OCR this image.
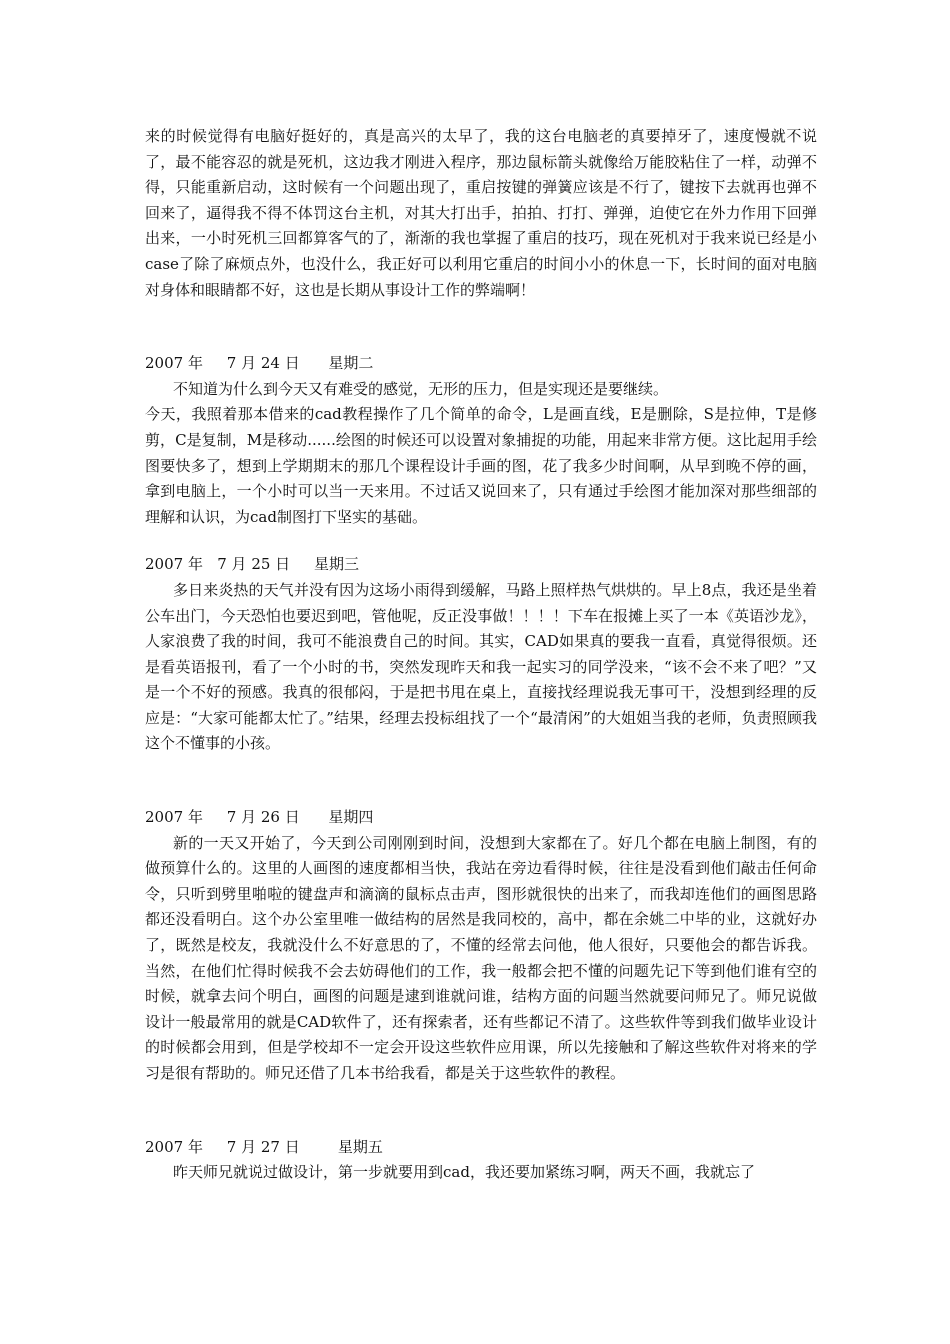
来的时候觉得有电脑好挺好的，真是高兴的太早了，我的这台电脑老的真要掉牙了，速度慢就不说了，最不能容忍的就是死机，这边我才刚进入程序，那边鼠标箭头就像给万能胶粘住了一样，动弹不得，只能重新启动，这时候有一个问题出现了，重启按键的弹簧应该是不行了，键按下去就再也弹不回来了，逼得我不得不体罚这台主机，对其大打出手，拍拍、打打、弹弹，迫使它在外力作用下回弹出来，一小时死机三回都算客气的了，渐渐的我也掌握了重启的技巧，现在死机对于我来说已经是小case了除了麻烦点外，也没什么，我正好可以利用它重启的时间小小的休息一下，长时间的面对电脑对身体和眼睛都不好，这也是长期从事设计工作的弊端啊！

2007 年     7 月 24 日      星期二

不知道为什么到今天又有难受的感觉，无形的压力，但是实现还是要继续。

今天，我照着那本借来的cad教程操作了几个简单的命令，L是画直线，E是删除，S是拉伸，T是修剪，C是复制，M是移动......绘图的时候还可以设置对象捕捉的功能，用起来非常方便。这比起用手绘图要快多了，想到上学期期末的那几个课程设计手画的图，花了我多少时间啊，从早到晚不停的画，拿到电脑上，一个小时可以当一天来用。不过话又说回来了，只有通过手绘图才能加深对那些细部的理解和认识，为cad制图打下坚实的基础。

2007 年   7 月 25 日     星期三

多日来炎热的天气并没有因为这场小雨得到缓解，马路上照样热气烘烘的。早上8点，我还是坐着公车出门，今天恐怕也要迟到吧，管他呢，反正没事做！！！！下车在报摊上买了一本《英语沙龙》，人家浪费了我的时间，我可不能浪费自己的时间。其实，CAD如果真的要我一直看，真觉得很烦。还是看英语报刊，看了一个小时的书，突然发现昨天和我一起实习的同学没来，“该不会不来了吧？”又是一个不好的预感。我真的很郁闷，于是把书甩在桌上，直接找经理说我无事可干，没想到经理的反应是：“大家可能都太忙了。”结果，经理去投标组找了一个“最清闲”的大姐姐当我的老师，负责照顾我这个不懂事的小孩。

2007 年     7 月 26 日      星期四

新的一天又开始了，今天到公司刚刚到时间，没想到大家都在了。好几个都在电脑上制图，有的做预算什么的。这里的人画图的速度都相当快，我站在旁边看得时候，往往是没看到他们敲击任何命令，只听到劈里啪啦的键盘声和滴滴的鼠标点击声，图形就很快的出来了，而我却连他们的画图思路都还没看明白。这个办公室里唯一做结构的居然是我同校的，高中，都在余姚二中毕的业，这就好办了，既然是校友，我就没什么不好意思的了，不懂的经常去问他，他人很好，只要他会的都告诉我。当然，在他们忙得时候我不会去妨碍他们的工作，我一般都会把不懂的问题先记下等到他们谁有空的时候，就拿去问个明白，画图的问题是逮到谁就问谁，结构方面的问题当然就要问师兄了。师兄说做设计一般最常用的就是CAD软件了，还有探索者，还有些都记不清了。这些软件等到我们做毕业设计的时候都会用到，但是学校却不一定会开设这些软件应用课，所以先接触和了解这些软件对将来的学习是很有帮助的。师兄还借了几本书给我看，都是关于这些软件的教程。

2007 年     7 月 27 日        星期五

昨天师兄就说过做设计，第一步就要用到cad，我还要加紧练习啊，两天不画，我就忘了
